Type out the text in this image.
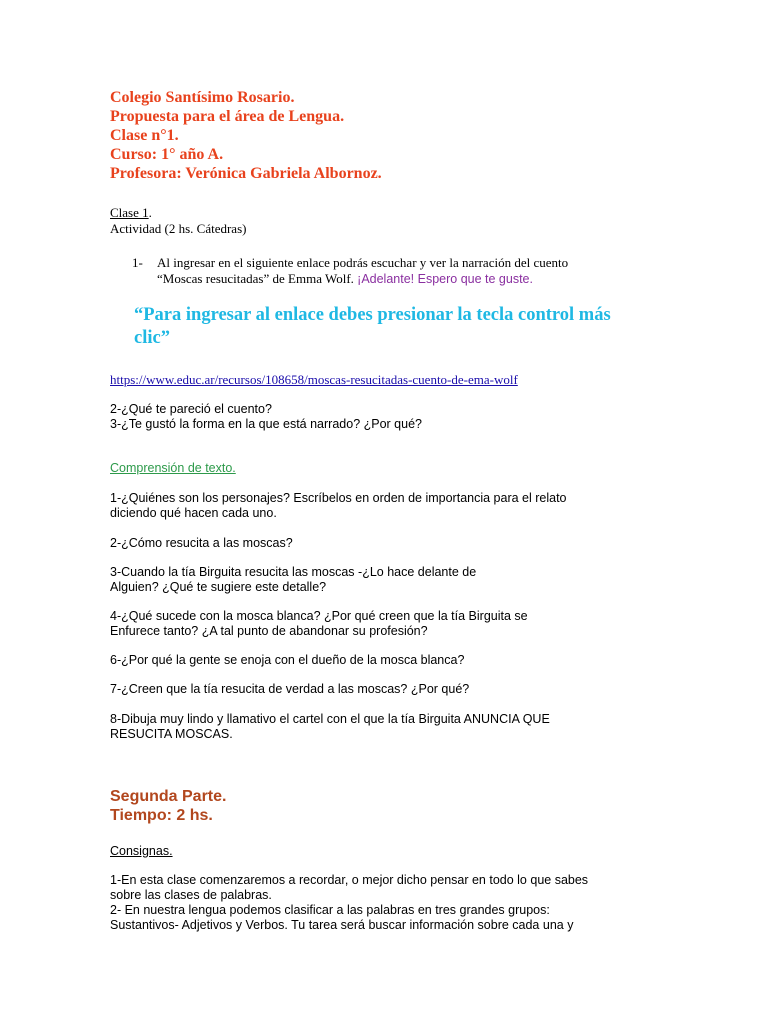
Colegio Santísimo Rosario.
Propuesta para el área de Lengua.
Clase n°1.
Curso: 1° año A.
Profesora: Verónica Gabriela Albornoz.
Clase 1.
Actividad (2 hs. Cátedras)
1- Al ingresar en el siguiente enlace podrás escuchar y ver la narración del cuento
“Moscas resucitadas” de Emma Wolf. ¡Adelante! Espero que te guste.
“Para ingresar al enlace debes presionar la tecla control más
clic”
https://www.educ.ar/recursos/108658/moscas-resucitadas-cuento-de-ema-wolf
2-¿Qué te pareció el cuento?
3-¿Te gustó la forma en la que está narrado? ¿Por qué?
Comprensión de texto.
1-¿Quiénes son los personajes? Escríbelos en orden de importancia para el relato
diciendo qué hacen cada uno.
2-¿Cómo resucita a las moscas?
3-Cuando la tía Birguita resucita las moscas -¿Lo hace delante de
Alguien? ¿Qué te sugiere este detalle?
4-¿Qué sucede con la mosca blanca? ¿Por qué creen que la tía Birguita se
Enfurece tanto? ¿A tal punto de abandonar su profesión?
6-¿Por qué la gente se enoja con el dueño de la mosca blanca?
7-¿Creen que la tía resucita de verdad a las moscas? ¿Por qué?
8-Dibuja muy lindo y llamativo el cartel con el que la tía Birguita ANUNCIA QUE
RESUCITA MOSCAS.
Segunda Parte.
Tiempo: 2 hs.
Consignas.
1-En esta clase comenzaremos a recordar, o mejor dicho pensar en todo lo que sabes
sobre las clases de palabras.
2- En nuestra lengua podemos clasificar a las palabras en tres grandes grupos:
Sustantivos- Adjetivos y Verbos. Tu tarea será buscar información sobre cada una y
